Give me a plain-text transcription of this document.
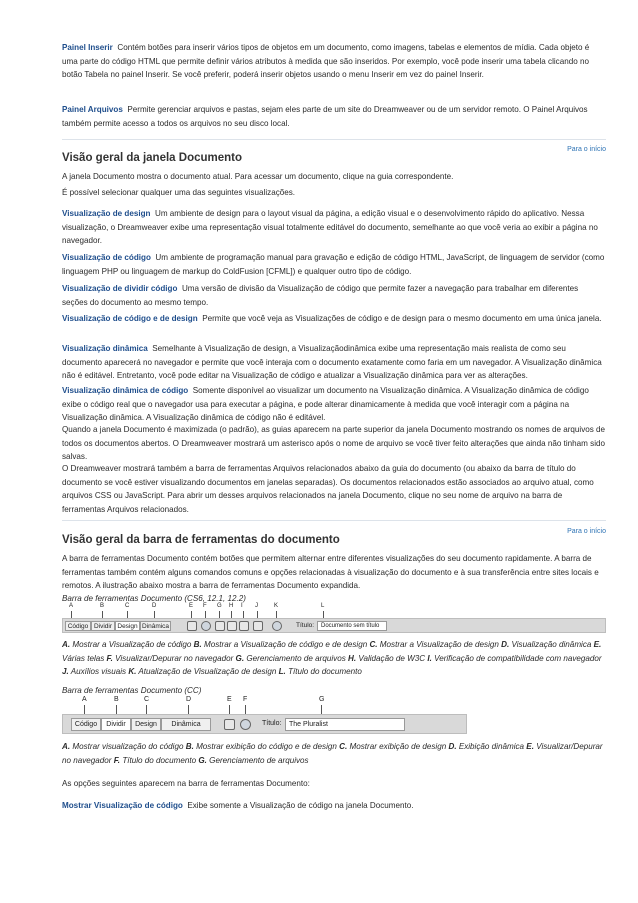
Painel Inserir Contém botões para inserir vários tipos de objetos em um documento, como imagens, tabelas e elementos de mídia. Cada objeto é uma parte do código HTML que permite definir vários atributos à medida que são inseridos. Por exemplo, você pode inserir uma tabela clicando no botão Tabela no painel Inserir. Se você preferir, poderá inserir objetos usando o menu Inserir em vez do painel Inserir.

Painel Arquivos Permite gerenciar arquivos e pastas, sejam eles parte de um site do Dreamweaver ou de um servidor remoto. O Painel Arquivos também permite acesso a todos os arquivos no seu disco local.

Visão geral da janela Documento
Para o início

A janela Documento mostra o documento atual. Para acessar um documento, clique na guia correspondente.

É possível selecionar qualquer uma das seguintes visualizações.

Visualização de design Um ambiente de design para o layout visual da página, a edição visual e o desenvolvimento rápido do aplicativo. Nessa visualização, o Dreamweaver exibe uma representação visual totalmente editável do documento, semelhante ao que você veria ao exibir a página no navegador.

Visualização de código Um ambiente de programação manual para gravação e edição de código HTML, JavaScript, de linguagem de servidor (como linguagem PHP ou linguagem de markup do ColdFusion [CFML]) e qualquer outro tipo de código.

Visualização de dividir código Uma versão de divisão da Visualização de código que permite fazer a navegação para trabalhar em diferentes seções do documento ao mesmo tempo.

Visualização de código e de design Permite que você veja as Visualizações de código e de design para o mesmo documento em uma única janela.

Visualização dinâmica Semelhante à Visualização de design, a Visualizaçãodinâmica exibe uma representação mais realista de como seu documento aparecerá no navegador e permite que você interaja com o documento exatamente como faria em um navegador. A Visualização dinâmica não é editável. Entretanto, você pode editar na Visualização de código e atualizar a Visualização dinâmica para ver as alterações.

Visualização dinâmica de código Somente disponível ao visualizar um documento na Visualização dinâmica. A Visualização dinâmica de código exibe o código real que o navegador usa para executar a página, e pode alterar dinamicamente à medida que você interagir com a página na Visualização dinâmica. A Visualização dinâmica de código não é editável.

Quando a janela Documento é maximizada (o padrão), as guias aparecem na parte superior da janela Documento mostrando os nomes de arquivos de todos os documentos abertos. O Dreamweaver mostrará um asterisco após o nome de arquivo se você tiver feito alterações que ainda não tinham sido salvas.

O Dreamweaver mostrará também a barra de ferramentas Arquivos relacionados abaixo da guia do documento (ou abaixo da barra de título do documento se você estiver visualizando documentos em janelas separadas). Os documentos relacionados estão associados ao arquivo atual, como arquivos CSS ou JavaScript. Para abrir um desses arquivos relacionados na janela Documento, clique no seu nome de arquivo na barra de ferramentas Arquivos relacionados.

Visão geral da barra de ferramentas do documento
Para o início

A barra de ferramentas Documento contém botões que permitem alternar entre diferentes visualizações do seu documento rapidamente. A barra de ferramentas também contém alguns comandos comuns e opções relacionadas à visualização do documento e à sua transferência entre sites locais e remotos. A ilustração abaixo mostra a barra de ferramentas Documento expandida.

Barra de ferramentas Documento (CS6, 12.1, 12.2)

A	B	C	D	E F G H I J	K	L
Código Dividir Design Dinâmica	Título:	Documento sem título

A. Mostrar a Visualização de código B. Mostrar a Visualização de código e de design C. Mostrar a Visualização de design D. Visualização dinâmica E. Várias telas F. Visualizar/Depurar no navegador G. Gerenciamento de arquivos H. Validação de W3C I. Verificação de compatibilidade com navegador J. Auxílios visuais K. Atualização de Visualização de design L. Título do documento

Barra de ferramentas Documento (CC)

A	B	C	D	E F	G
Código	Dividir	Design	Dinâmica	Título:	The Pluralist

A. Mostrar visualização do código B. Mostrar exibição do código e de design C. Mostrar exibição de design D. Exibição dinâmica E. Visualizar/Depurar no navegador F. Título do documento G. Gerenciamento de arquivos

As opções seguintes aparecem na barra de ferramentas Documento:

Mostrar Visualização de código Exibe somente a Visualização de código na janela Documento.
